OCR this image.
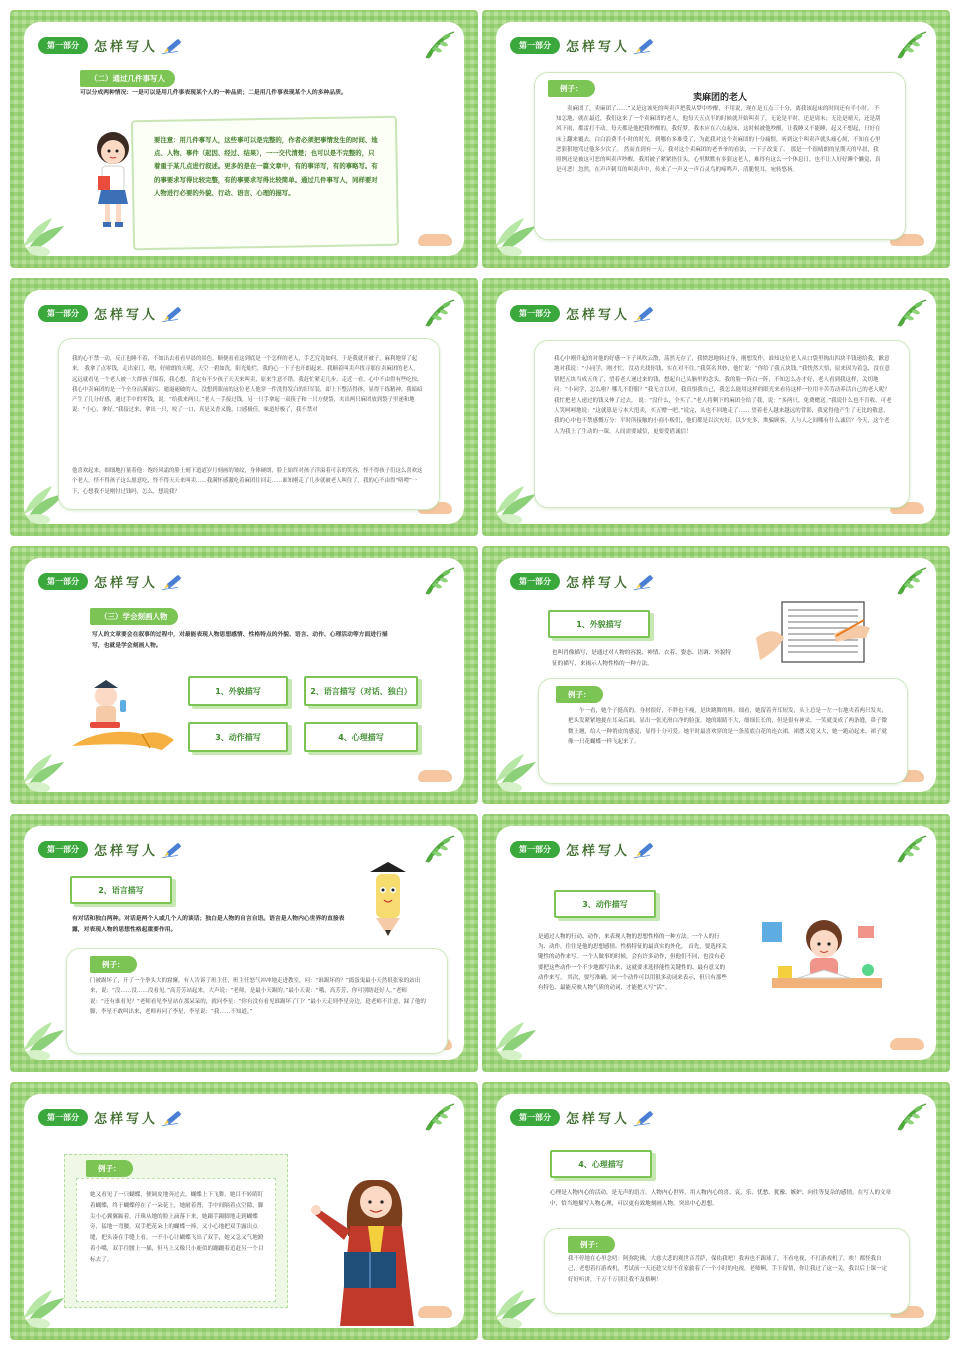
第一部分	怎样写人
（二）通过几件事写人
可以分成两种情况：一是可以是用几件事表现某个人的一种品质；二是用几件事表现某个人的多种品质。
要注意：用几件事写人，这些事可以是完整的，作者必须把事情发生的时间、地点、人物、事件（起因、经过、结果），一一交代清楚；也可以是不完整的，只着重于某几点进行叙述。更多的是在一篇文章中，有的事详写，有的事略写。有的事要求写得比较完整，有的事要求写得比较简单。通过几件事写人，同样要对人物进行必要的外貌、行动、语言、心理的描写。
第一部分	怎样写人
例子：
卖麻团的老人
卖麻团了，卖麻团了……”又是这该死的叫卖声把我从梦中吵醒，不用说，现在是五点三十分，离我该起床的时间还有半小时。 不知怎地，就在最近，我们这来了一个卖麻团的老人，他每天五点半的时候就开始叫卖了，无论是平时，还是周末；无论是晴天，还是刮风下雨，都雷打不动。每天都是他把我吵醒的，我好梦，我本应在六点起床，这时候被他吵醒，让我睡又不能睡，起又不想起，只好在床上翻来覆去，白白浪费半小时的时光。到哪有多难受了，为此我对这个卖麻团的十分痛恨，听到这个叫卖声就头痛心烦，不知在心里恶狠狠地骂过他多少次了。 然而直到有一天，我对这个卖麻团的老爷爷的看法，一下子改变了。 那是一个很晴朗的星期天的早晨，我照例还是被这可恶的叫卖声吵醒，我用被子紧紧捂住头，心里默默有多狠这老人，难得有这么一个休息日，也不让人好好睡个懒觉，真是可恶！忽然，在声声刺耳的叫卖声中，传来了一声又一声百灵鸟的啼鸣声，清脆悦耳，宛转悠扬。
第一部分	怎样写人
我的心不禁一动，反正也睡不着，不如出去看看早晨的景色，顺便看看这到底是一个怎样的老人，手艺究竟如何，于是我就开被子，麻利地穿了起来。 我拿了点零钱，走出家门，嗯，好晴朗的天呢，天空一碧如洗，阳光灿烂，我的心一下子也开朗起来。我顺着叫卖声找寻那位卖麻团的老人，远远就看见一个老人被一大群孩子围着，我心想，肯定有不少孩子天天来叫卖，原来生意不错。我赶忙紧走几步，走近一看，心中不由得有些吃惊，我心中卖麻团的是一个全身沾满面污、邋遢褪破的人，没想到眼前的这位老人他穿一件洗得发白的旧军装，却上下整洁得体，显得干练精神。我暗暗产生了几分好感，通过手中的零钱，说：“给我来两只。”老人一手接过钱，另一只手拿起一双筷子和一只方便袋，夹出两只麻团放到袋子里递和地说：“小心，拿好。”我接过来，拿出一只，咬了一口，真是又香又脆，口感极佳，味道好极了，我不禁对
他喜欢起来，细细地打量着他：饱经风霜的脸上刻下道道岁月刻画的皱纹，身体硬朗，脸上始终对孩子洋溢着可亲的笑容，怪不得孩子们这么喜欢这个老人，怪不得孩子这么愿意吃，怪不得天天来叫卖……我满怀感激吃着麻团往回走……谁知刚走了几步就被老人叫住了，我的心不由得“咯噔”一下，心想我不是刚付过钱吗，怎么，想说我？
第一部分	怎样写人
我心中刚升起的对他的好感一下子风吹云散，荡然无存了，我愤怒地转过身，刚想发作，谁知这位老人从口袋里掏出四块半钱递给我，歉意地对我说：“小同学，刚才忙，没功夫找你钱，实在对不住。”我莫名其妙，他忙说：“你给了我五块钱。”我恍然大悟，原来因为着急，没在意错把五块当成五角了，望着老人递过来的钱，想起自己头脑里的念头，我的脸一阵白一阵，不知怎么办才好，老人看到我这样，关切地问：“小同学，怎么啦？哪儿不舒服？”我无言以对，我真恨我自己，我怎么能用这样的眼光来看待这样一位用辛苦劳动养活自己的老人呢？我忙把老人递过的钱又伸了过去。 说：“没什么，全买了。”老人将剩下的麻团全给了我，说：“多两只，免费赠送。”我说什么也不肯收，可老人笑呵呵地说：“这就算是亏本大甩卖，买五赠一吧。”说完，头也不回地走了…… 望着老人越来越远的背影，我觉得他产生了无比的敬意，我的心中也不禁感慨万分：平时所接触的小商小贩们，他们都是以次充好，以少充多，欺骗顾客，人与人之间哪有什么诚信？今天，这个老人为我上了生动的一课，人间需要诚信，更要爱借诚信！
第一部分	怎样写人
（三）学会刻画人物
写人的文章要会在叙事的过程中，对最能表现人物思想感情、性格特点的外貌、语言、动作、心理活动等方面进行描写，也就是学会刻画人物。
1、外貌描写	2、语言描写（对话、独白）
3、动作描写	4、心理描写
第一部分	怎样写人
1、外貌描写
也叫肖像描写，是通过对人物的容貌、神情、衣着、姿态、语调、外貌特征的描写，来揭示人物性格的一种方法。
例子：
乍一看，她个子挺高的，身材很好，不胖也不瘦，是块跳舞的料。细看，她留着齐耳短发，头上总是一左一右地夹着两只发夹，把头发紧紧地拢在耳朵后面，显出一张光滑白净的脸蛋。她的眼睛不大，细细长长的，但是很有神采，一笑就变成了两条缝，鼻子微微上翘，给人一种俏皮的感觉，显得十分可爱。她平时最喜欢穿的是一条蓝底白花的连衣裙，裙摆又宽又大，她一跑动起来，裙子就像一只花蝴蝶一样飞起来了。
第一部分	怎样写人
2、语言描写
有对话和独白两种。对话是两个人或几个人的谈话；独白是人物的自言自语。语言是人物内心世界的直接表露，对表现人物的思想性格起重要作用。
例子：
门被踢坏了，开了一个拳头大的窟窿，有人告诉了班主任，班主任怒气冲冲地走进教室，问：“谁踢坏的？”捣蛋鬼最小天然很张家的站出来，说：“没……没……没看见。”高芳芳站起来，大声说：“老师，是最小天踢的。”最小天说：“哦，高芳芳，你可别瞎赶好人。”老师说：“还有谁看见？”老师看见李星站在那呆呆的，就问李星：“你有没有看见谁踢坏了门？”最小天走到李星旁边，趁老师不注意，踩了他的脚，李星不敢叫出来，老师再问了李星，李星说：“我……不知道。”
第一部分	怎样写人
3、动作描写
是通过人物的行动、动作，来表现人物的思想性格的一种方法。一个人的行为、动作，往往是他的思想感情、性格特征的最真实的外化。 首先，要选择关键性的动作来写。一个人做事的时候，会有许多动作，但他们不同，也没有必要把这些动作一个不少地都写出来，这就要求选择能性关键性的、最有意义的动作来写。 其次，要写准确。同一个动作可以用很多动词来表示，但只有那些有特色、最能反映人物气质的动词，才能把人写“活”。
第一部分	怎样写人
例子：
她又看见了一只蝴蝶，便调皮地奔过去，蝴蝶上下飞舞，她目不转睛盯着蝴蝶，终于蝴蝶停在了一朵花上，她耐着肾，手中间隔着点空隙，脚尖小心翼翼踮着，汗珠从她的脸上滴落下来，她蹑手蹑脚地走到蝴蝶旁，猛地一弯腰，双手把花朵上的蝴蝶一捧，又小心地把双手露出点缝，把头凑在手缝上看，一不小心让蝴蝶飞出了双手，她又急又气地蹬着小嘴，双手往腰上一插，但马上又像只小鹿似的蹦蹦着追赶另一个目标去了。
第一部分	怎样写人
4、心理描写
心理是人物内心的活动，是无声的语言。人物内心世界，用人物内心的喜、哀、乐、忧愁、犹豫、嫉妒、向往等复杂的感情。在写人的文章中，恰当地描写人物心理，可以更有效地刻画人物，突出中心思想。
例子：
我不停地在心里念叨：阿弥陀佛，大慈大悲的观世音菩萨，保佑我吧！我再也不踢球了，不看电视，不打游戏机了，唉！都怪我自己，老想着打游戏机，考试前一天还趁父母不在家偷着了一个小时的电视。老师啊，手下留情，你让我过了这一关，我以后上课一定好好听讲，千万千万别让我不及格啊！
